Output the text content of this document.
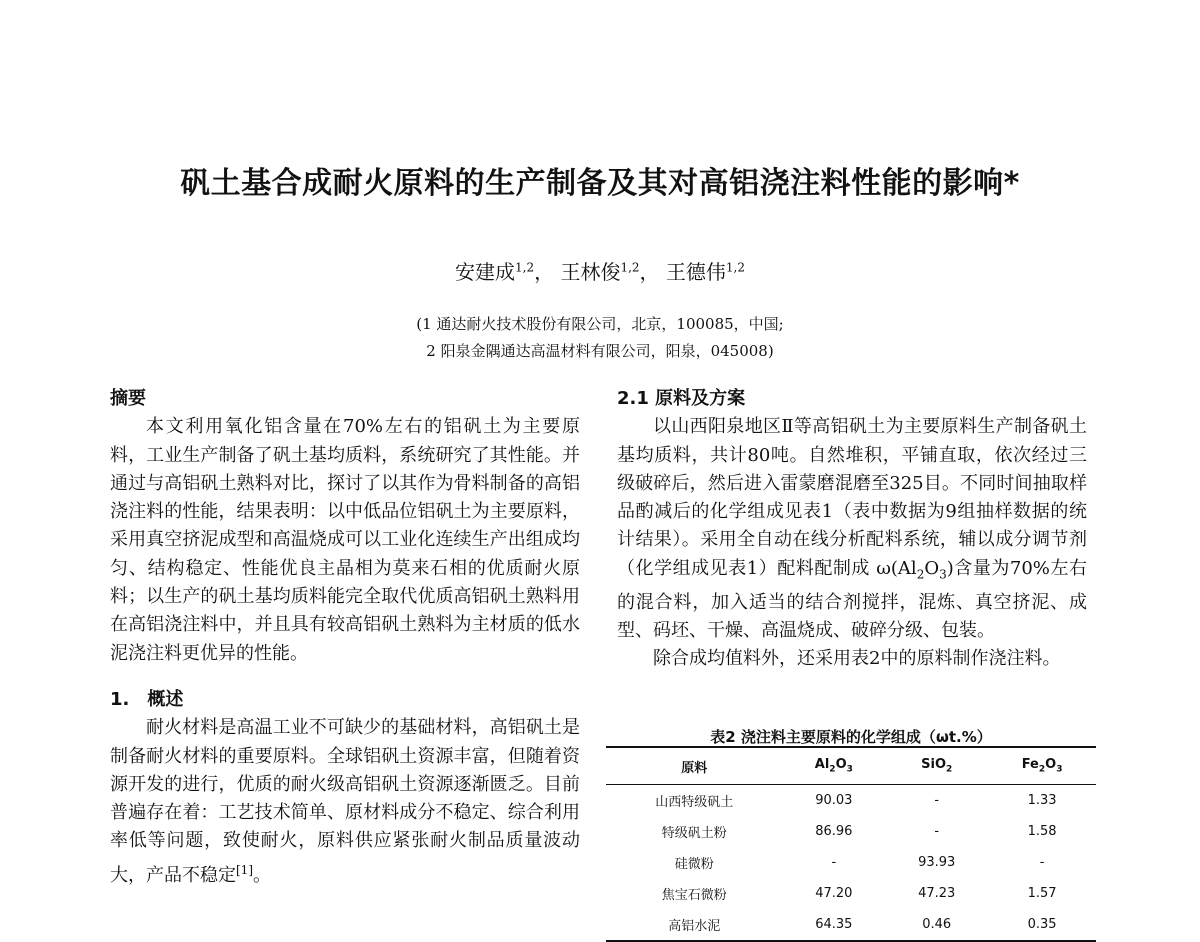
矾土基合成耐火原料的生产制备及其对高铝浇注料性能的影响*
安建成$^{1,2}$， 王林俊$^{1,2}$， 王德伟$^{1,2}$
(1 通达耐火技术股份有限公司，北京，100085，中国;
2 阳泉金隅通达高温材料有限公司，阳泉，045008)
摘要

本文利用氧化铝含量在70%左右的铝矾土为主要原料，工业生产制备了矾土基均质料，系统研究了其性能。并通过与高铝矾土熟料对比，探讨了以其作为骨料制备的高铝浇注料的性能，结果表明：以中低品位铝矾土为主要原料，采用真空挤泥成型和高温烧成可以工业化连续生产出组成均匀、结构稳定、性能优良主晶相为莫来石相的优质耐火原料；以生产的矾土基均质料能完全取代优质高铝矾土熟料用在高铝浇注料中，并且具有较高铝矾土熟料为主材质的低水泥浇注料更优异的性能。

1.　概述

耐火材料是高温工业不可缺少的基础材料，高铝矾土是制备耐火材料的重要原料。全球铝矾土资源丰富，但随着资源开发的进行，优质的耐火级高铝矾土资源逐渐匮乏。目前普遍存在着：工艺技术简单、原材料成分不稳定、综合利用率低等问题，致使耐火，原料供应紧张耐火制品质量波动大，产品不稳定[1]。

2.1 原料及方案

以山西阳泉地区Ⅱ等高铝矾土为主要原料生产制备矾土基均质料，共计80吨。自然堆积，平铺直取，依次经过三级破碎后，然后进入雷蒙磨混磨至325目。不同时间抽取样品酌减后的化学组成见表1（表中数据为9组抽样数据的统计结果）。采用全自动在线分析配料系统，辅以成分调节剂（化学组成见表1）配料配制成 $\omega(Al_2O_3)$含量为70%左右的混合料，加入适当的结合剂搅拌，混炼、真空挤泥、成型、码坯、干燥、高温烧成、破碎分级、包装。

除合成均值料外，还采用表2中的原料制作浇注料。

表2 浇注料主要原料的化学组成（ωt.%）
原料	$Al_2O_3$	SiO$_2$	$Fe_2O_3$
山西特级矾土	90.03	-	1.33
特级矾土粉	86.96	-	1.58
硅微粉	-	93.93	-
焦宝石微粉	47.20	47.23	1.57
高铝水泥	64.35	0.46	0.35
